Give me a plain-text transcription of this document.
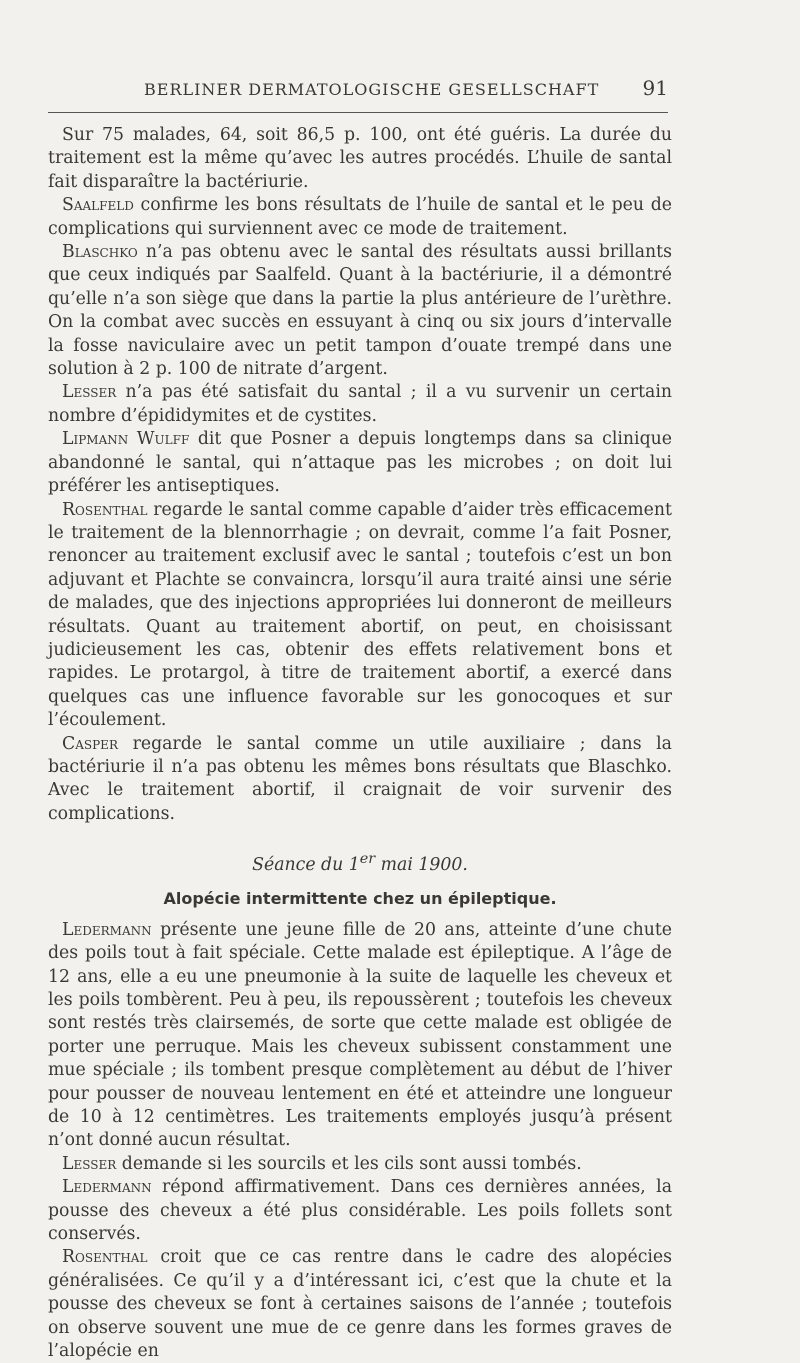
BERLINER DERMATOLOGISCHE GESELLSCHAFT 91

Sur 75 malades, 64, soit 86,5 p. 100, ont été guéris. La durée du traitement est la même qu’avec les autres procédés. L’huile de santal fait disparaître la bactériurie.

Saalfeld confirme les bons résultats de l’huile de santal et le peu de complications qui surviennent avec ce mode de traitement.

Blaschko n’a pas obtenu avec le santal des résultats aussi brillants que ceux indiqués par Saalfeld. Quant à la bactériurie, il a démontré qu’elle n’a son siège que dans la partie la plus antérieure de l’urèthre. On la combat avec succès en essuyant à cinq ou six jours d’intervalle la fosse naviculaire avec un petit tampon d’ouate trempé dans une solution à 2 p. 100 de nitrate d’argent.

Lesser n’a pas été satisfait du santal ; il a vu survenir un certain nombre d’épididymites et de cystites.

Lipmann Wulff dit que Posner a depuis longtemps dans sa clinique abandonné le santal, qui n’attaque pas les microbes ; on doit lui préférer les antiseptiques.

Rosenthal regarde le santal comme capable d’aider très efficacement le traitement de la blennorrhagie ; on devrait, comme l’a fait Posner, renoncer au traitement exclusif avec le santal ; toutefois c’est un bon adjuvant et Plachte se convaincra, lorsqu’il aura traité ainsi une série de malades, que des injections appropriées lui donneront de meilleurs résultats. Quant au traitement abortif, on peut, en choisissant judicieusement les cas, obtenir des effets relativement bons et rapides. Le protargol, à titre de traitement abortif, a exercé dans quelques cas une influence favorable sur les gonocoques et sur l’écoulement.

Casper regarde le santal comme un utile auxiliaire ; dans la bactériurie il n’a pas obtenu les mêmes bons résultats que Blaschko. Avec le traitement abortif, il craignait de voir survenir des complications.

Séance du 1er mai 1900.

Alopécie intermittente chez un épileptique.

Ledermann présente une jeune fille de 20 ans, atteinte d’une chute des poils tout à fait spéciale. Cette malade est épileptique. A l’âge de 12 ans, elle a eu une pneumonie à la suite de laquelle les cheveux et les poils tombèrent. Peu à peu, ils repoussèrent ; toutefois les cheveux sont restés très clairsemés, de sorte que cette malade est obligée de porter une perruque. Mais les cheveux subissent constamment une mue spéciale ; ils tombent presque complètement au début de l’hiver pour pousser de nouveau lentement en été et atteindre une longueur de 10 à 12 centimètres. Les traitements employés jusqu’à présent n’ont donné aucun résultat.

Lesser demande si les sourcils et les cils sont aussi tombés.

Ledermann répond affirmativement. Dans ces dernières années, la pousse des cheveux a été plus considérable. Les poils follets sont conservés.

Rosenthal croit que ce cas rentre dans le cadre des alopécies généralisées. Ce qu’il y a d’intéressant ici, c’est que la chute et la pousse des cheveux se font à certaines saisons de l’année ; toutefois on observe souvent une mue de ce genre dans les formes graves de l’alopécie en
